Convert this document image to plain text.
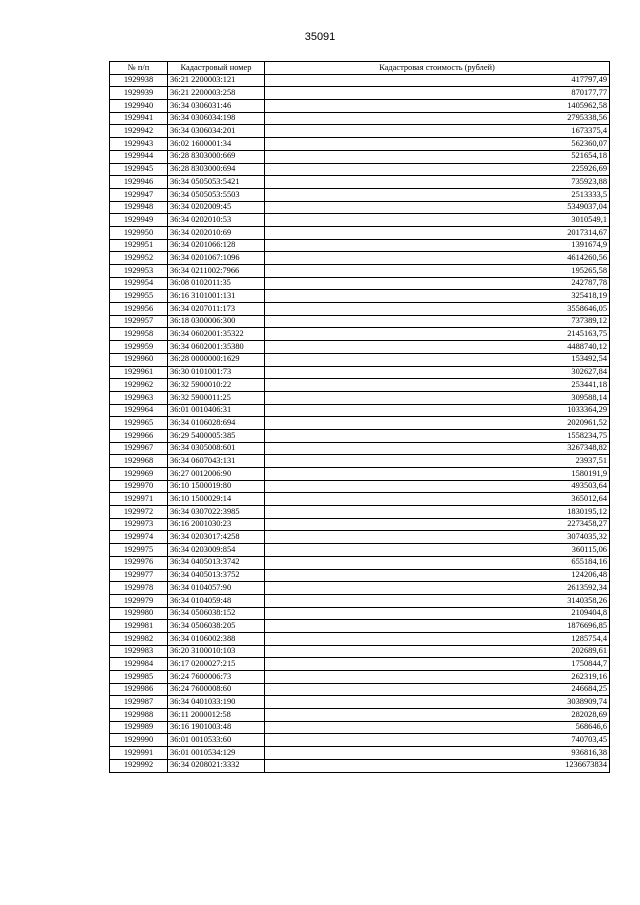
35091
№ п/п	Кадастровый номер	Кадастровая стоимость (рублей)
1929938	36:21 2200003:121	417797,49
1929939	36:21 2200003:258	870177,77
1929940	36:34 0306031:46	1405962,58
1929941	36:34 0306034:198	2795338,56
1929942	36:34 0306034:201	1673375,4
1929943	36:02 1600001:34	562360,07
1929944	36:28 8303000:669	521654,18
1929945	36:28 8303000:694	225926,69
1929946	36:34 0505053:5421	735923,88
1929947	36:34 0505053:5503	2513333,5
1929948	36:34 0202009:45	5349037,04
1929949	36:34 0202010:53	3010549,1
1929950	36:34 0202010:69	2017314,67
1929951	36:34 0201066:128	1391674,9
1929952	36:34 0201067:1096	4614260,56
1929953	36:34 0211002:7966	195265,58
1929954	36:08 0102011:35	242787,78
1929955	36:16 3101001:131	325418,19
1929956	36:34 0207011:173	3558646,05
1929957	36:18 0300006:300	737389,12
1929958	36:34 0602001:35322	2145163,75
1929959	36:34 0602001:35380	4488740,12
1929960	36:28 0000000:1629	153492,54
1929961	36:30 0101001:73	302627,84
1929962	36:32 5900010:22	253441,18
1929963	36:32 5900011:25	309588,14
1929964	36:01 0010406:31	1033364,29
1929965	36:34 0106028:694	2020961,52
1929966	36:29 5400005:385	1558234,75
1929967	36:34 0305008:601	3267348,82
1929968	36:34 0607043:131	23937,51
1929969	36:27 0012006:90	1580191,9
1929970	36:10 1500019:80	493503,64
1929971	36:10 1500029:14	365012,64
1929972	36:34 0307022:3985	1830195,12
1929973	36:16 2001030:23	2273458,27
1929974	36:34 0203017:4258	3074035,32
1929975	36:34 0203009:854	360115,06
1929976	36:34 0405013:3742	655184,16
1929977	36:34 0405013:3752	124206,48
1929978	36:34 0104057:90	2613592,34
1929979	36:34 0104059:48	3140358,26
1929980	36:34 0506038:152	2109404,8
1929981	36:34 0506038:205	1876696,85
1929982	36:34 0106002:388	1285754,4
1929983	36:20 3100010:103	202689,61
1929984	36:17 0200027:215	1750844,7
1929985	36:24 7600006:73	262319,16
1929986	36:24 7600008:60	246684,25
1929987	36:34 0401033:190	3038909,74
1929988	36:11 2000012:58	282028,69
1929989	36:16 1901003:48	568646,6
1929990	36:01 0010533:60	740703,45
1929991	36:01 0010534:129	936816,38
1929992	36:34 0208021:3332	1236673834
